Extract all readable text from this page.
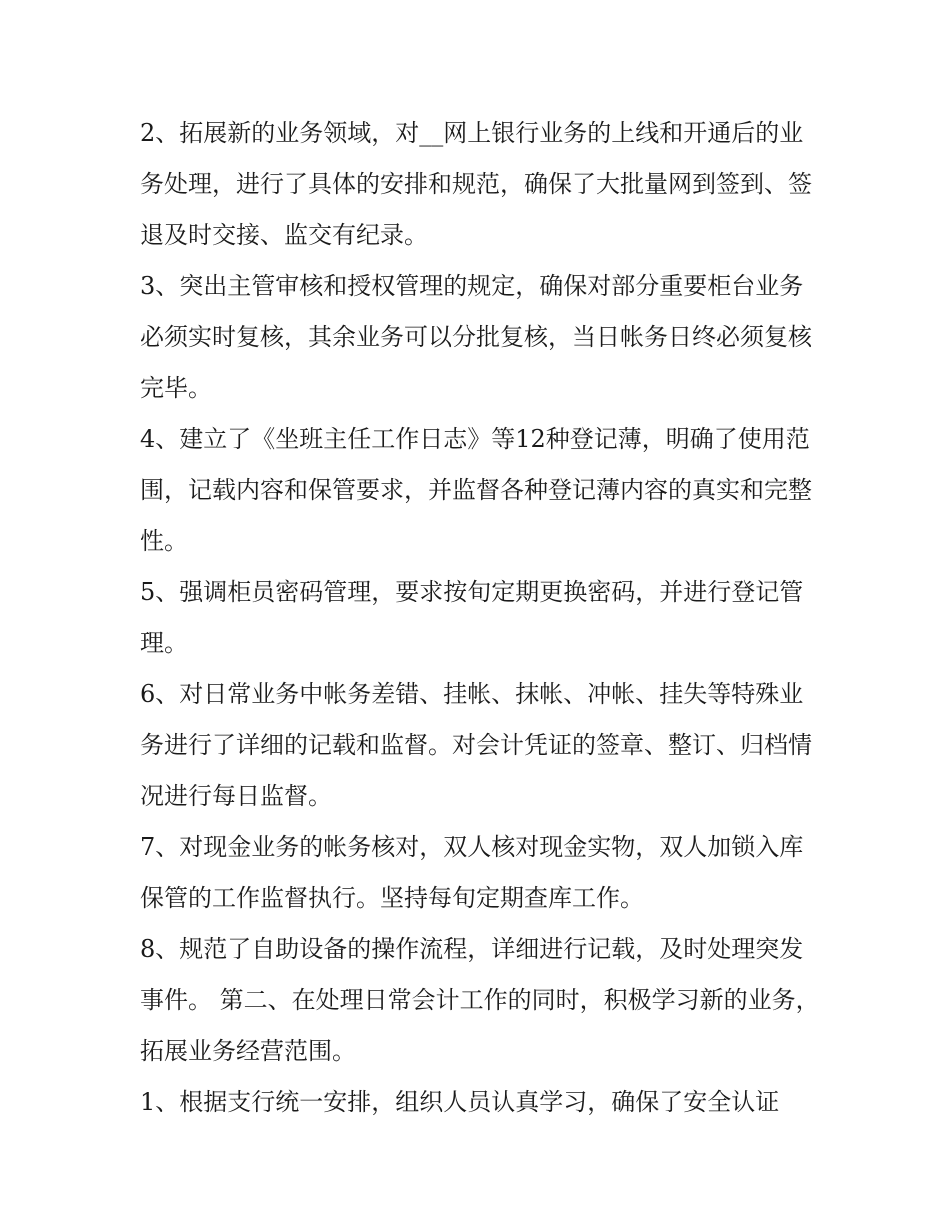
2、拓展新的业务领域，对__网上银行业务的上线和开通后的业务处理，进行了具体的安排和规范，确保了大批量网到签到、签退及时交接、监交有纪录。

3、突出主管审核和授权管理的规定，确保对部分重要柜台业务必须实时复核，其余业务可以分批复核，当日帐务日终必须复核完毕。

4、建立了《坐班主任工作日志》等12种登记薄，明确了使用范围，记载内容和保管要求，并监督各种登记薄内容的真实和完整性。

5、强调柜员密码管理，要求按旬定期更换密码，并进行登记管理。

6、对日常业务中帐务差错、挂帐、抹帐、冲帐、挂失等特殊业务进行了详细的记载和监督。对会计凭证的签章、整订、归档情况进行每日监督。

7、对现金业务的帐务核对，双人核对现金实物，双人加锁入库保管的工作监督执行。坚持每旬定期查库工作。

8、规范了自助设备的操作流程，详细进行记载，及时处理突发事件。 第二、在处理日常会计工作的同时，积极学习新的业务，拓展业务经营范围。

1、根据支行统一安排，组织人员认真学习，确保了安全认证
